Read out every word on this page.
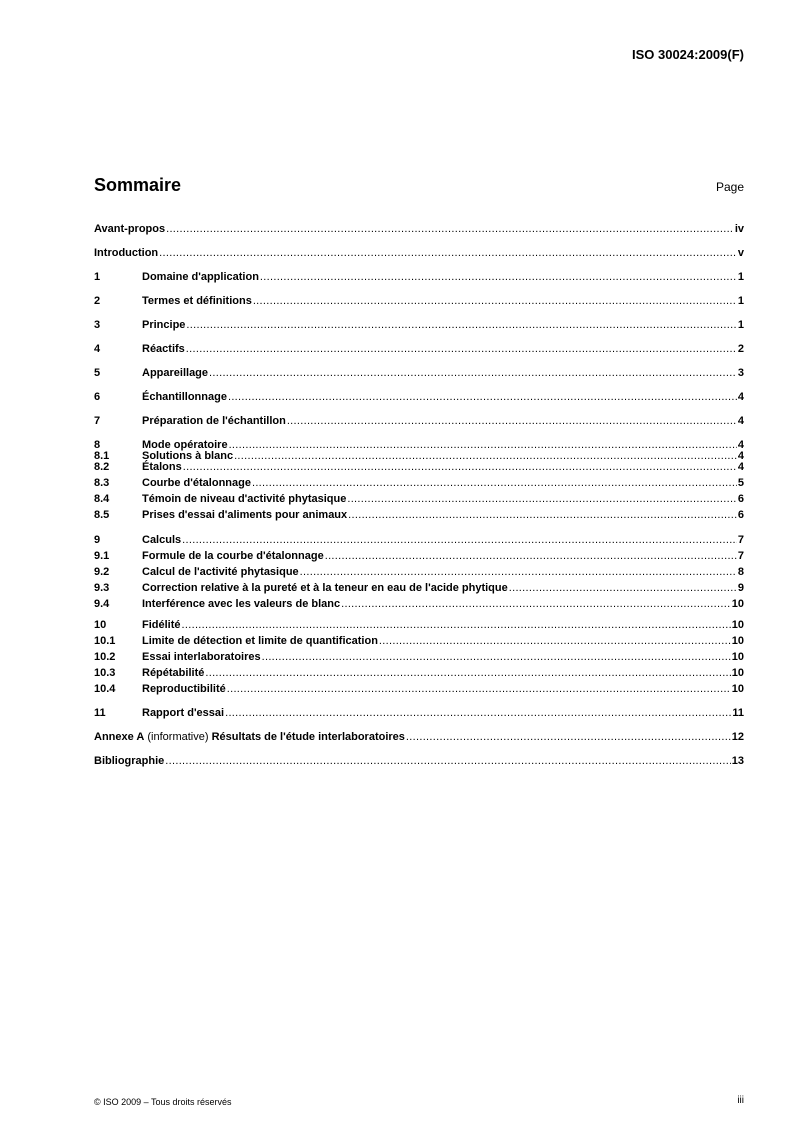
ISO 30024:2009(F)
Sommaire	Page
Avant-propos .....	iv
Introduction .....	v
1	Domaine d'application .....	1
2	Termes et définitions .....	1
3	Principe .....	1
4	Réactifs .....	2
5	Appareillage .....	3
6	Échantillonnage .....	4
7	Préparation de l'échantillon .....	4
8	Mode opératoire .....	4
8.1	Solutions à blanc .....	4
8.2	Étalons .....	4
8.3	Courbe d'étalonnage .....	5
8.4	Témoin de niveau d'activité phytasique .....	6
8.5	Prises d'essai d'aliments pour animaux .....	6
9	Calculs .....	7
9.1	Formule de la courbe d'étalonnage .....	7
9.2	Calcul de l'activité phytasique .....	8
9.3	Correction relative à la pureté et à la teneur en eau de l'acide phytique .....	9
9.4	Interférence avec les valeurs de blanc .....	10
10	Fidélité .....	10
10.1	Limite de détection et limite de quantification .....	10
10.2	Essai interlaboratoires .....	10
10.3	Répétabilité .....	10
10.4	Reproductibilité .....	10
11	Rapport d'essai .....	11
Annexe A (informative) Résultats de l'étude interlaboratoires .....	12
Bibliographie .....	13
© ISO 2009 – Tous droits réservés	iii
